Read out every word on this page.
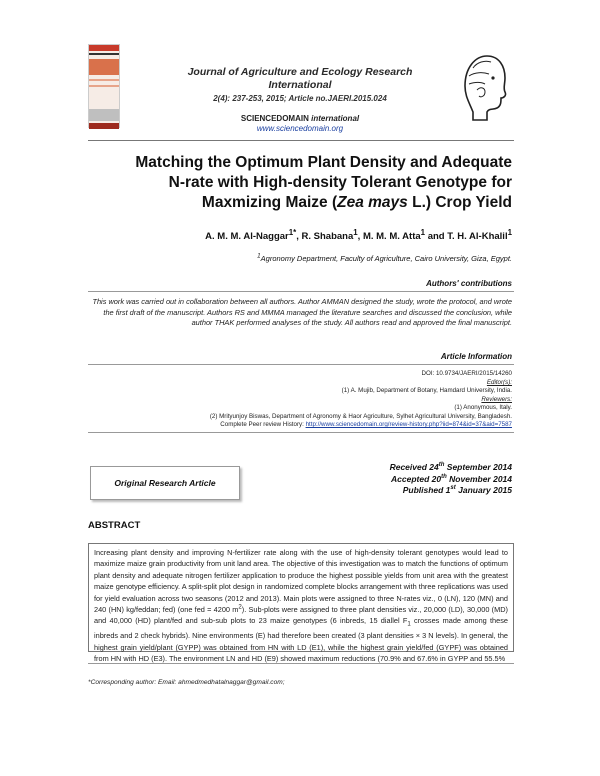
Journal of Agriculture and Ecology Research
International
2(4): 237-253, 2015; Article no.JAERI.2015.024
SCIENCEDOMAIN international
www.sciencedomain.org
Matching the Optimum Plant Density and Adequate
N-rate with High-density Tolerant Genotype for
Maxmizing Maize (Zea mays L.) Crop Yield
A. M. M. Al-Naggar$^{1*}$, R. Shabana$^1$, M. M. M. Atta$^1$ and T. H. Al-Khalil$^1$
$^1$Agronomy Department, Faculty of Agriculture, Cairo University, Giza, Egypt.
Authors' contributions
This work was carried out in collaboration between all authors. Author AMMAN designed the study, wrote the protocol, and wrote the first draft of the manuscript. Authors RS and MMMA managed the literature searches and discussed the conclusion, while author THAK performed analyses of the study. All authors read and approved the final manuscript.
Article Information
DOI: 10.9734/JAERI/2015/14260
Editor(s):
(1) A. Mujib, Department of Botany, Hamdard University, India.
Reviewers:
(1) Anonymous, Italy.
(2) Mrityunjoy Biswas, Department of Agronomy & Haor Agriculture, Sylhet Agricultural University, Bangladesh.
Complete Peer review History: http://www.sciencedomain.org/review-history.php?iid=874&id=37&aid=7587
Original Research Article
Received 24th September 2014
Accepted 20th November 2014
Published 1st January 2015
ABSTRACT
Increasing plant density and improving N-fertilizer rate along with the use of high-density tolerant genotypes would lead to maximize maize grain productivity from unit land area. The objective of this investigation was to match the functions of optimum plant density and adequate nitrogen fertilizer application to produce the highest possible yields from unit area with the greatest maize genotype efficiency. A split-split plot design in randomized complete blocks arrangement with three replications was used for yield evaluation across two seasons (2012 and 2013). Main plots were assigned to three N-rates viz., 0 (LN), 120 (MN) and 240 (HN) kg/feddan; fed) (one fed = 4200 $m^2$). Sub-plots were assigned to three plant densities viz., 20,000 (LD), 30,000 (MD) and 40,000 (HD) plant/fed and sub-sub plots to 23 maize genotypes (6 inbreds, 15 diallel $F_1$ crosses made among these inbreds and 2 check hybrids). Nine environments (E) had therefore been created (3 plant densities × 3 N levels). In general, the highest grain yield/plant (GYPP) was obtained from HN with LD (E1), while the highest grain yield/fed (GYPF) was obtained from HN with HD (E3). The environment LN and HD (E9) showed maximum reductions (70.9% and 67.6% in GYPP and 55.5%
*Corresponding author: Email: ahmedmedhatalnaggar@gmail.com;
